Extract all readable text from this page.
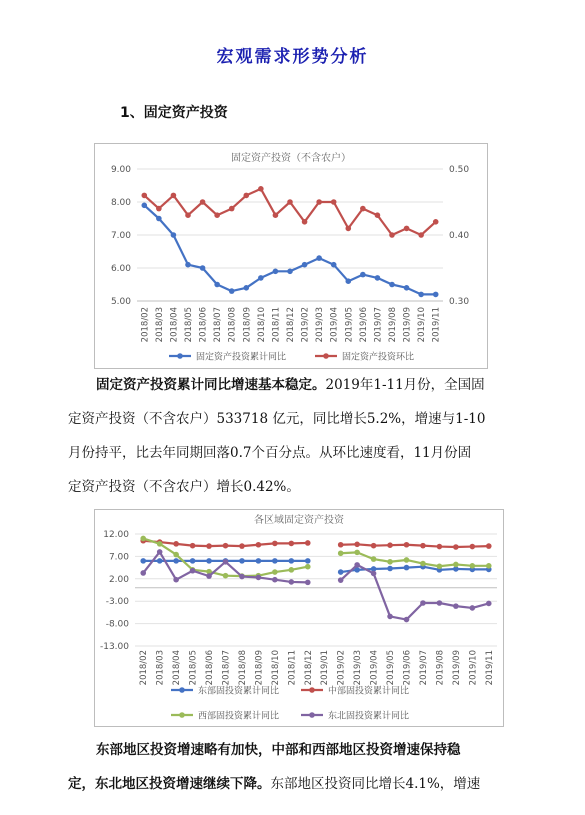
宏观需求形势分析
1、固定资产投资
固定资产投资（不含农户）
9.00
8.00
7.00
6.00
5.00
0.50
0.40
0.30
2018/02 2018/03 2018/04 2018/05 2018/06 2018/07 2018/08 2018/09 2018/10 2018/11 2018/12 2019/02 2019/03 2019/04 2019/05 2019/06 2019/07 2019/08 2019/09 2019/10 2019/11
固定资产投资累计同比	固定资产投资环比
固定资产投资累计同比增速基本稳定。2019年1-11月份，全国固
定资产投资（不含农户）533718 亿元，同比增长5.2%，增速与1-10
月份持平，比去年同期回落0.7个百分点。从环比速度看，11月份固
定资产投资（不含农户）增长0.42%。
各区域固定资产投资
12.00
7.00
2.00
-3.00
-8.00
-13.00
2018/02 2018/03 2018/04 2018/05 2018/06 2018/07 2018/08 2018/09 2018/10 2018/11 2018/12 2019/01 2019/02 2019/03 2019/04 2019/05 2019/06 2019/07 2019/08 2019/09 2019/10 2019/11
东部固投资累计同比	中部固投资累计同比
西部固投资累计同比	东北固投资累计同比
东部地区投资增速略有加快，中部和西部地区投资增速保持稳
定，东北地区投资增速继续下降。东部地区投资同比增长4.1%，增速
